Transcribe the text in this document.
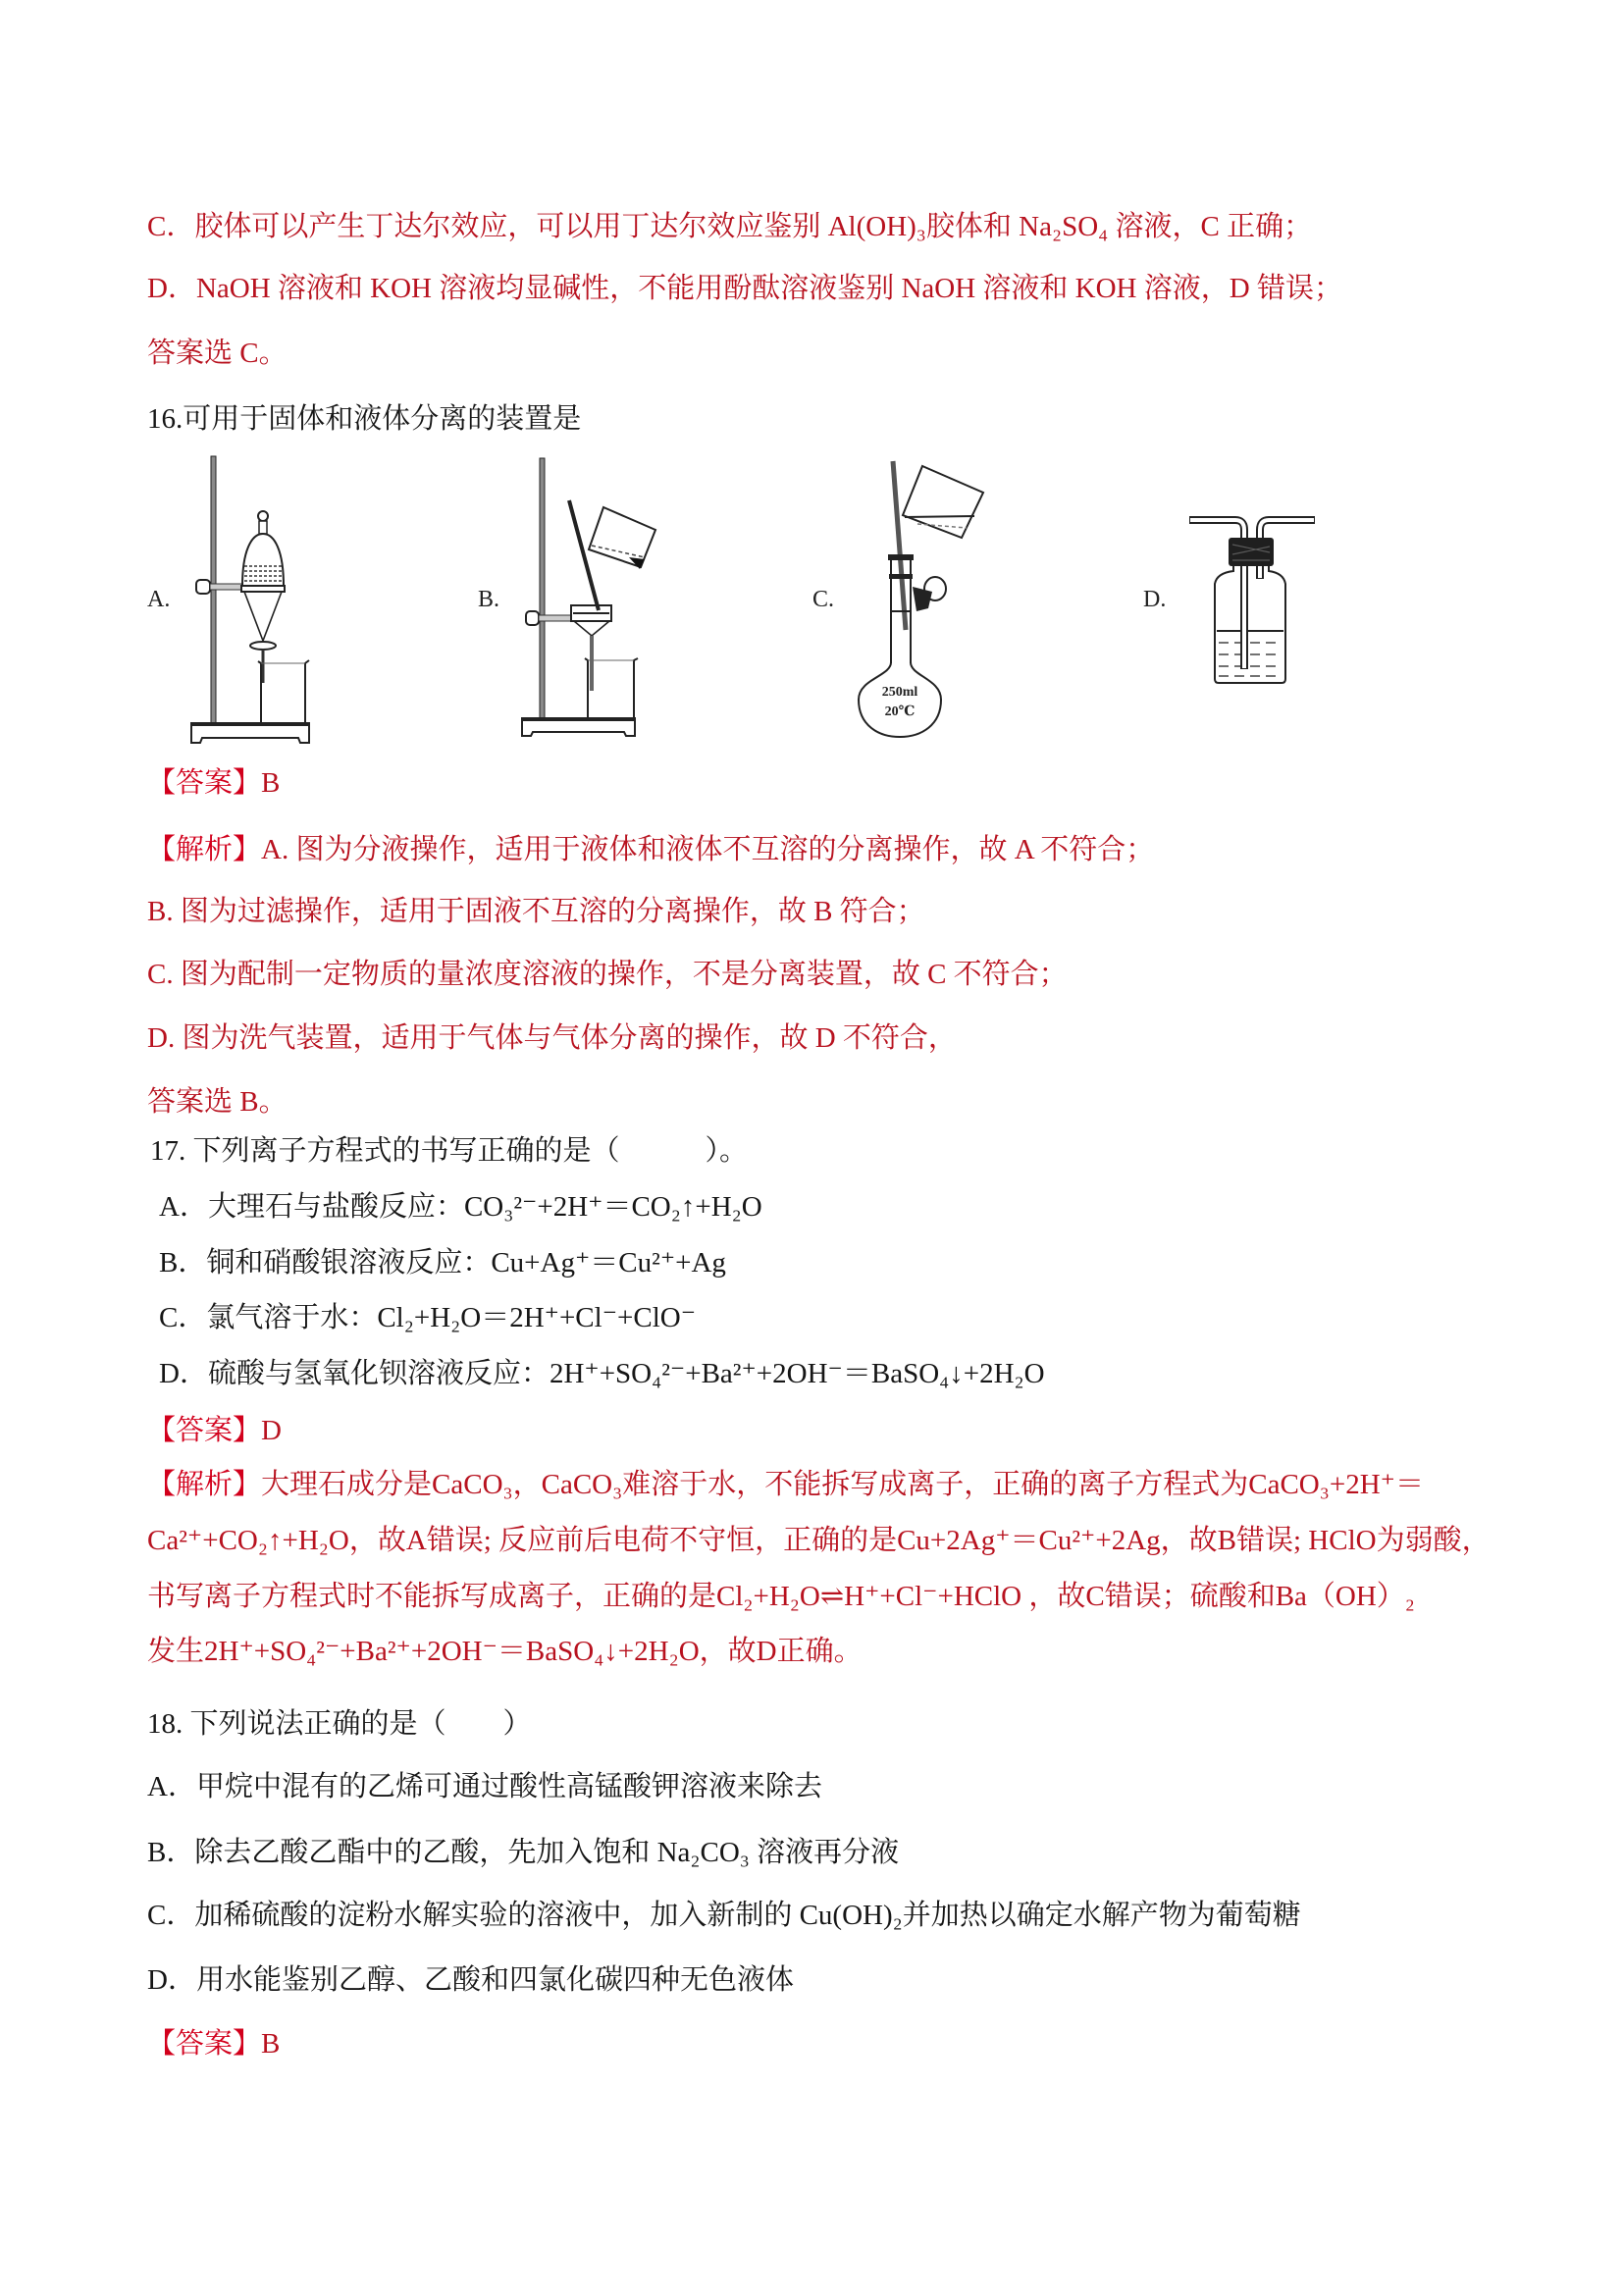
C．胶体可以产生丁达尔效应，可以用丁达尔效应鉴别 Al(OH)₃胶体和 Na₂SO₄ 溶液，C 正确；
D．NaOH 溶液和 KOH 溶液均显碱性，不能用酚酞溶液鉴别 NaOH 溶液和 KOH 溶液，D 错误；
答案选 C。
16.可用于固体和液体分离的装置是
A.	B.	C.	D.
250ml
20℃
【答案】B
【解析】A. 图为分液操作，适用于液体和液体不互溶的分离操作，故 A 不符合；
B. 图为过滤操作，适用于固液不互溶的分离操作，故 B 符合；
C. 图为配制一定物质的量浓度溶液的操作，不是分离装置，故 C 不符合；
D. 图为洗气装置，适用于气体与气体分离的操作，故 D 不符合，
答案选 B。
17. 下列离子方程式的书写正确的是（　　　）。
A．大理石与盐酸反应：CO₃²⁻+2H⁺＝CO₂↑+H₂O
B．铜和硝酸银溶液反应：Cu+Ag⁺＝Cu²⁺+Ag
C．氯气溶于水：Cl₂+H₂O＝2H⁺+Cl⁻+ClO⁻
D．硫酸与氢氧化钡溶液反应：2H⁺+SO₄²⁻+Ba²⁺+2OH⁻＝BaSO₄↓+2H₂O
【答案】D
【解析】大理石成分是CaCO₃，CaCO₃难溶于水，不能拆写成离子，正确的离子方程式为CaCO₃+2H⁺＝
Ca²⁺+CO₂↑+H₂O，故A错误; 反应前后电荷不守恒，正确的是Cu+2Ag⁺＝Cu²⁺+2Ag，故B错误; HClO为弱酸，
书写离子方程式时不能拆写成离子，正确的是Cl₂+H₂O⇌H⁺+Cl⁻+HClO ，故C错误；硫酸和Ba（OH）₂
发生2H⁺+SO₄²⁻+Ba²⁺+2OH⁻＝BaSO₄↓+2H₂O，故D正确。
18. 下列说法正确的是（　　）
A．甲烷中混有的乙烯可通过酸性高锰酸钾溶液来除去
B．除去乙酸乙酯中的乙酸，先加入饱和 Na₂CO₃ 溶液再分液
C．加稀硫酸的淀粉水解实验的溶液中，加入新制的 Cu(OH)₂并加热以确定水解产物为葡萄糖
D．用水能鉴别乙醇、乙酸和四氯化碳四种无色液体
【答案】B
